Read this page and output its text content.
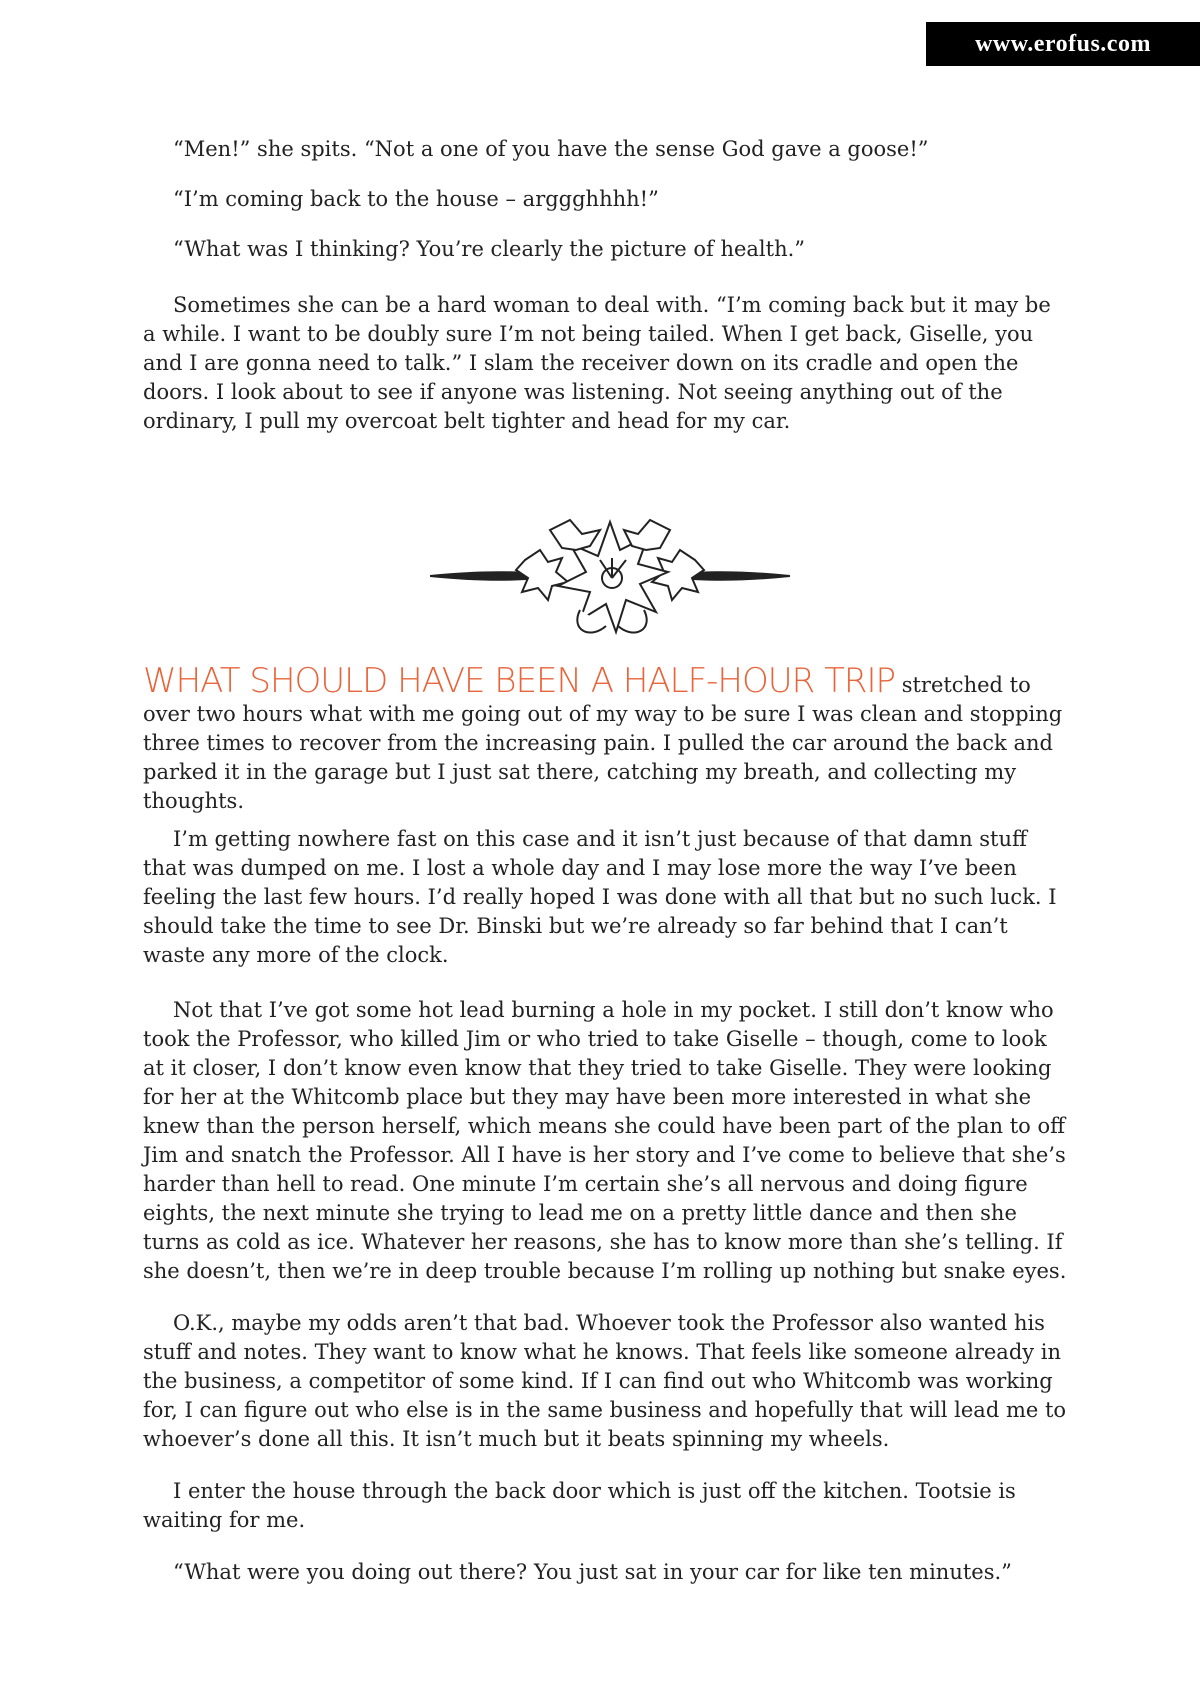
www.erofus.com

“Men!” she spits. “Not a one of you have the sense God gave a goose!”

“I’m coming back to the house – arggghhhh!”

“What was I thinking? You’re clearly the picture of health.”

Sometimes she can be a hard woman to deal with. “I’m coming back but it may be a while. I want to be doubly sure I’m not being tailed. When I get back, Giselle, you and I are gonna need to talk.” I slam the receiver down on its cradle and open the doors. I look about to see if anyone was listening. Not seeing anything out of the ordinary, I pull my overcoat belt tighter and head for my car.

WHAT SHOULD HAVE BEEN A HALF-HOUR TRIP stretched to over two hours what with me going out of my way to be sure I was clean and stopping three times to recover from the increasing pain. I pulled the car around the back and parked it in the garage but I just sat there, catching my breath, and collecting my thoughts.

I’m getting nowhere fast on this case and it isn’t just because of that damn stuff that was dumped on me. I lost a whole day and I may lose more the way I’ve been feeling the last few hours. I’d really hoped I was done with all that but no such luck. I should take the time to see Dr. Binski but we’re already so far behind that I can’t waste any more of the clock.

Not that I’ve got some hot lead burning a hole in my pocket. I still don’t know who took the Professor, who killed Jim or who tried to take Giselle – though, come to look at it closer, I don’t know even know that they tried to take Giselle. They were looking for her at the Whitcomb place but they may have been more interested in what she knew than the person herself, which means she could have been part of the plan to off Jim and snatch the Professor. All I have is her story and I’ve come to believe that she’s harder than hell to read. One minute I’m certain she’s all nervous and doing figure eights, the next minute she trying to lead me on a pretty little dance and then she turns as cold as ice. Whatever her reasons, she has to know more than she’s telling. If she doesn’t, then we’re in deep trouble because I’m rolling up nothing but snake eyes.

O.K., maybe my odds aren’t that bad. Whoever took the Professor also wanted his stuff and notes. They want to know what he knows. That feels like someone already in the business, a competitor of some kind. If I can find out who Whitcomb was working for, I can figure out who else is in the same business and hopefully that will lead me to whoever’s done all this. It isn’t much but it beats spinning my wheels.

I enter the house through the back door which is just off the kitchen. Tootsie is waiting for me.

“What were you doing out there? You just sat in your car for like ten minutes.”
